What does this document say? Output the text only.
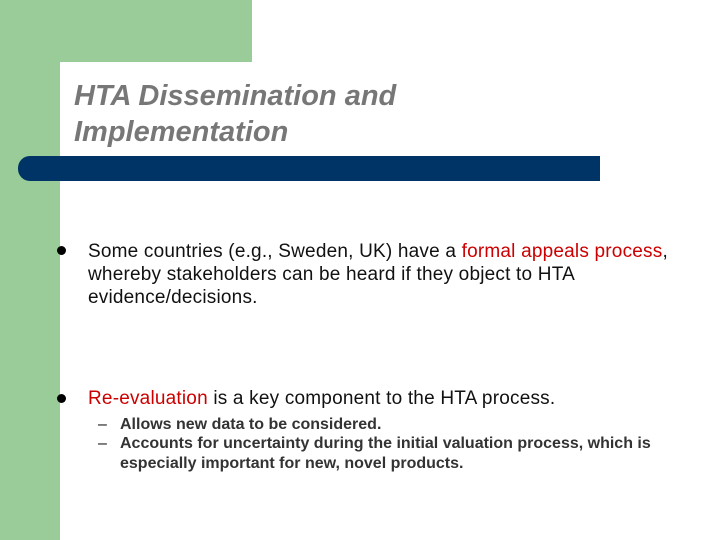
HTA Dissemination and
Implementation
Some countries (e.g., Sweden, UK) have a formal appeals process, whereby stakeholders can be heard if they object to HTA evidence/decisions.
Re-evaluation is a key component to the HTA process.
– Allows new data to be considered.
– Accounts for uncertainty during the initial valuation process, which is especially important for new, novel products.
